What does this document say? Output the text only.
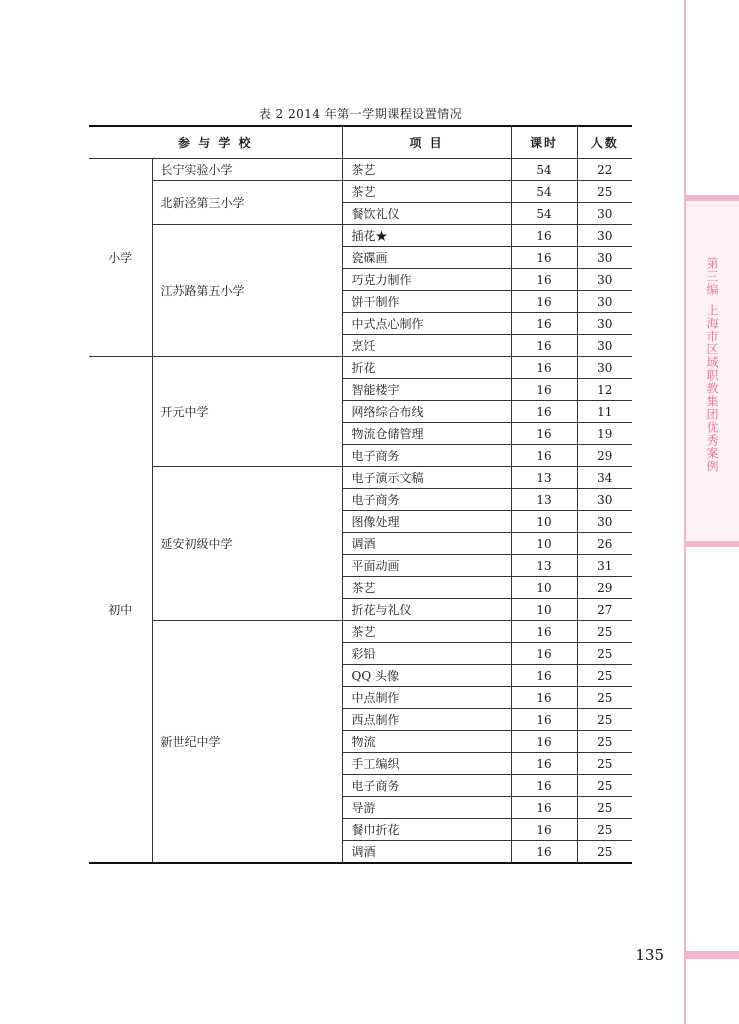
第三编上海市区域职教集团优秀案例
135
表 2 2014 年第一学期课程设置情况
参 与 学 校		项 目	课时	人数
小学	长宁实验小学	茶艺	54	22
	北新泾第三小学	茶艺	54	25
		餐饮礼仪	54	30
	江苏路第五小学	插花★	16	30
		瓷碟画	16	30
		巧克力制作	16	30
		饼干制作	16	30
		中式点心制作	16	30
		烹饪	16	30
初中	开元中学	折花	16	30
		智能楼宇	16	12
		网络综合布线	16	11
		物流仓储管理	16	19
		电子商务	16	29
	延安初级中学	电子演示文稿	13	34
		电子商务	13	30
		图像处理	10	30
		调酒	10	26
		平面动画	13	31
		茶艺	10	29
		折花与礼仪	10	27
	新世纪中学	茶艺	16	25
		彩铅	16	25
		QQ 头像	16	25
		中点制作	16	25
		西点制作	16	25
		物流	16	25
		手工编织	16	25
		电子商务	16	25
		导游	16	25
		餐巾折花	16	25
		调酒	16	25
